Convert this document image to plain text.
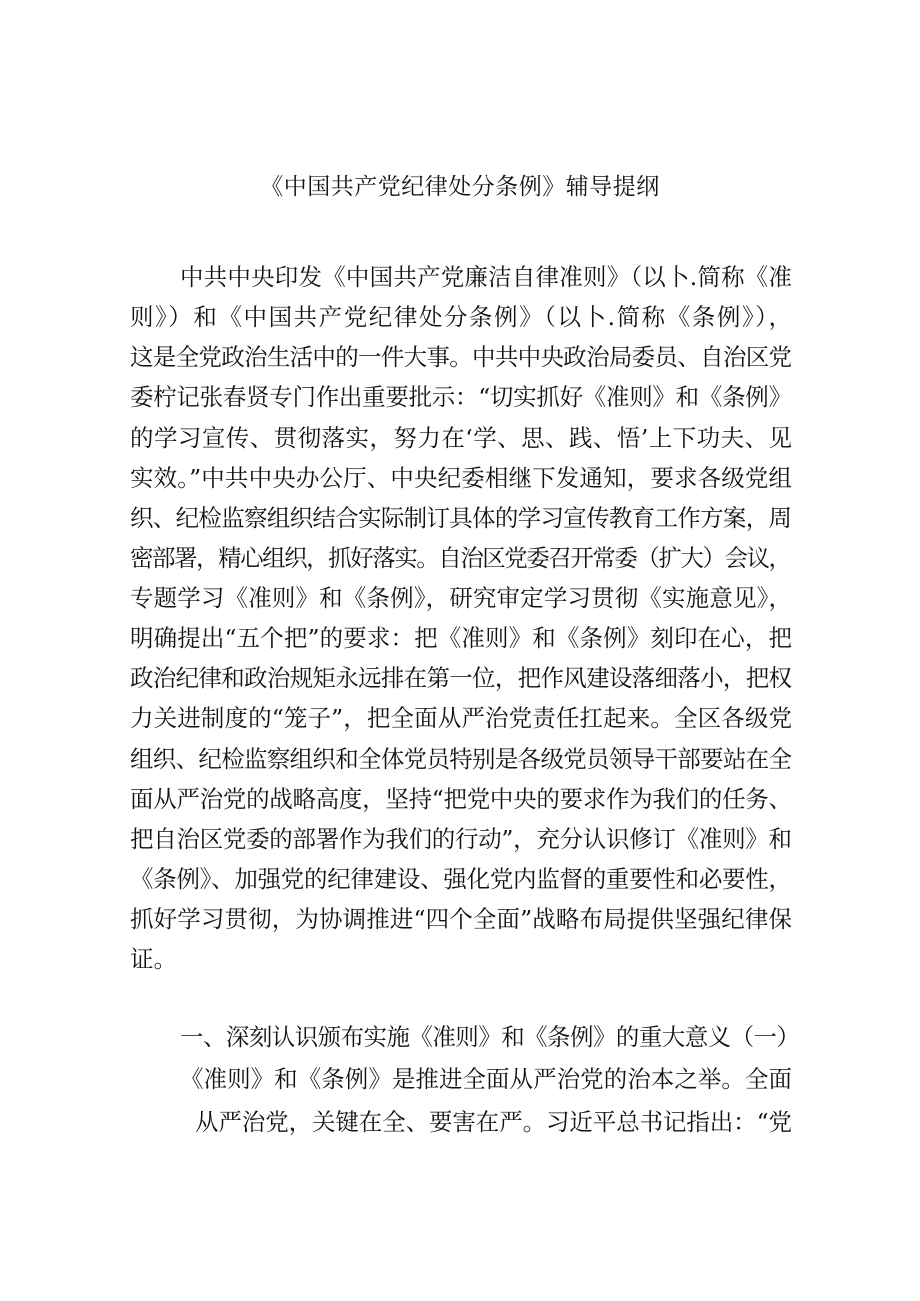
《中国共产党纪律处分条例》辅导提纲
中共中央印发《中国共产党廉洁自律准则》（以卜.简称《准
则》）和《中国共产党纪律处分条例》（以卜.简称《条例》），
这是全党政治生活中的一件大事。中共中央政治局委员、自治区党
委柠记张春贤专门作出重要批示：“切实抓好《准则》和《条例》
的学习宣传、贯彻落实，努力在‘学、思、践、悟’上下功夫、见
实效。”中共中央办公厅、中央纪委相继下发通知，要求各级党组
织、纪检监察组织结合实际制订具体的学习宣传教育工作方案，周
密部署，精心组织，抓好落实。自治区党委召开常委（扩大）会议，
专题学习《准则》和《条例》，研究审定学习贯彻《实施意见》，
明确提出“五个把”的要求：把《准则》和《条例》刻印在心，把
政治纪律和政治规矩永远排在第一位，把作风建设落细落小，把权
力关进制度的“笼子”，把全面从严治党责任扛起来。全区各级党
组织、纪检监察组织和全体党员特别是各级党员领导干部要站在全
面从严治党的战略高度，坚持“把党中央的要求作为我们的任务、
把自治区党委的部署作为我们的行动”，充分认识修订《准则》和
《条例》、加强党的纪律建设、强化党内监督的重要性和必要性，
抓好学习贯彻，为协调推进“四个全面”战略布局提供坚强纪律保
证。
一、深刻认识颁布实施《准则》和《条例》的重大意义（一）
《准则》和《条例》是推进全面从严治党的治本之举。全面
从严治党，关键在全、要害在严。习近平总书记指出：“党
